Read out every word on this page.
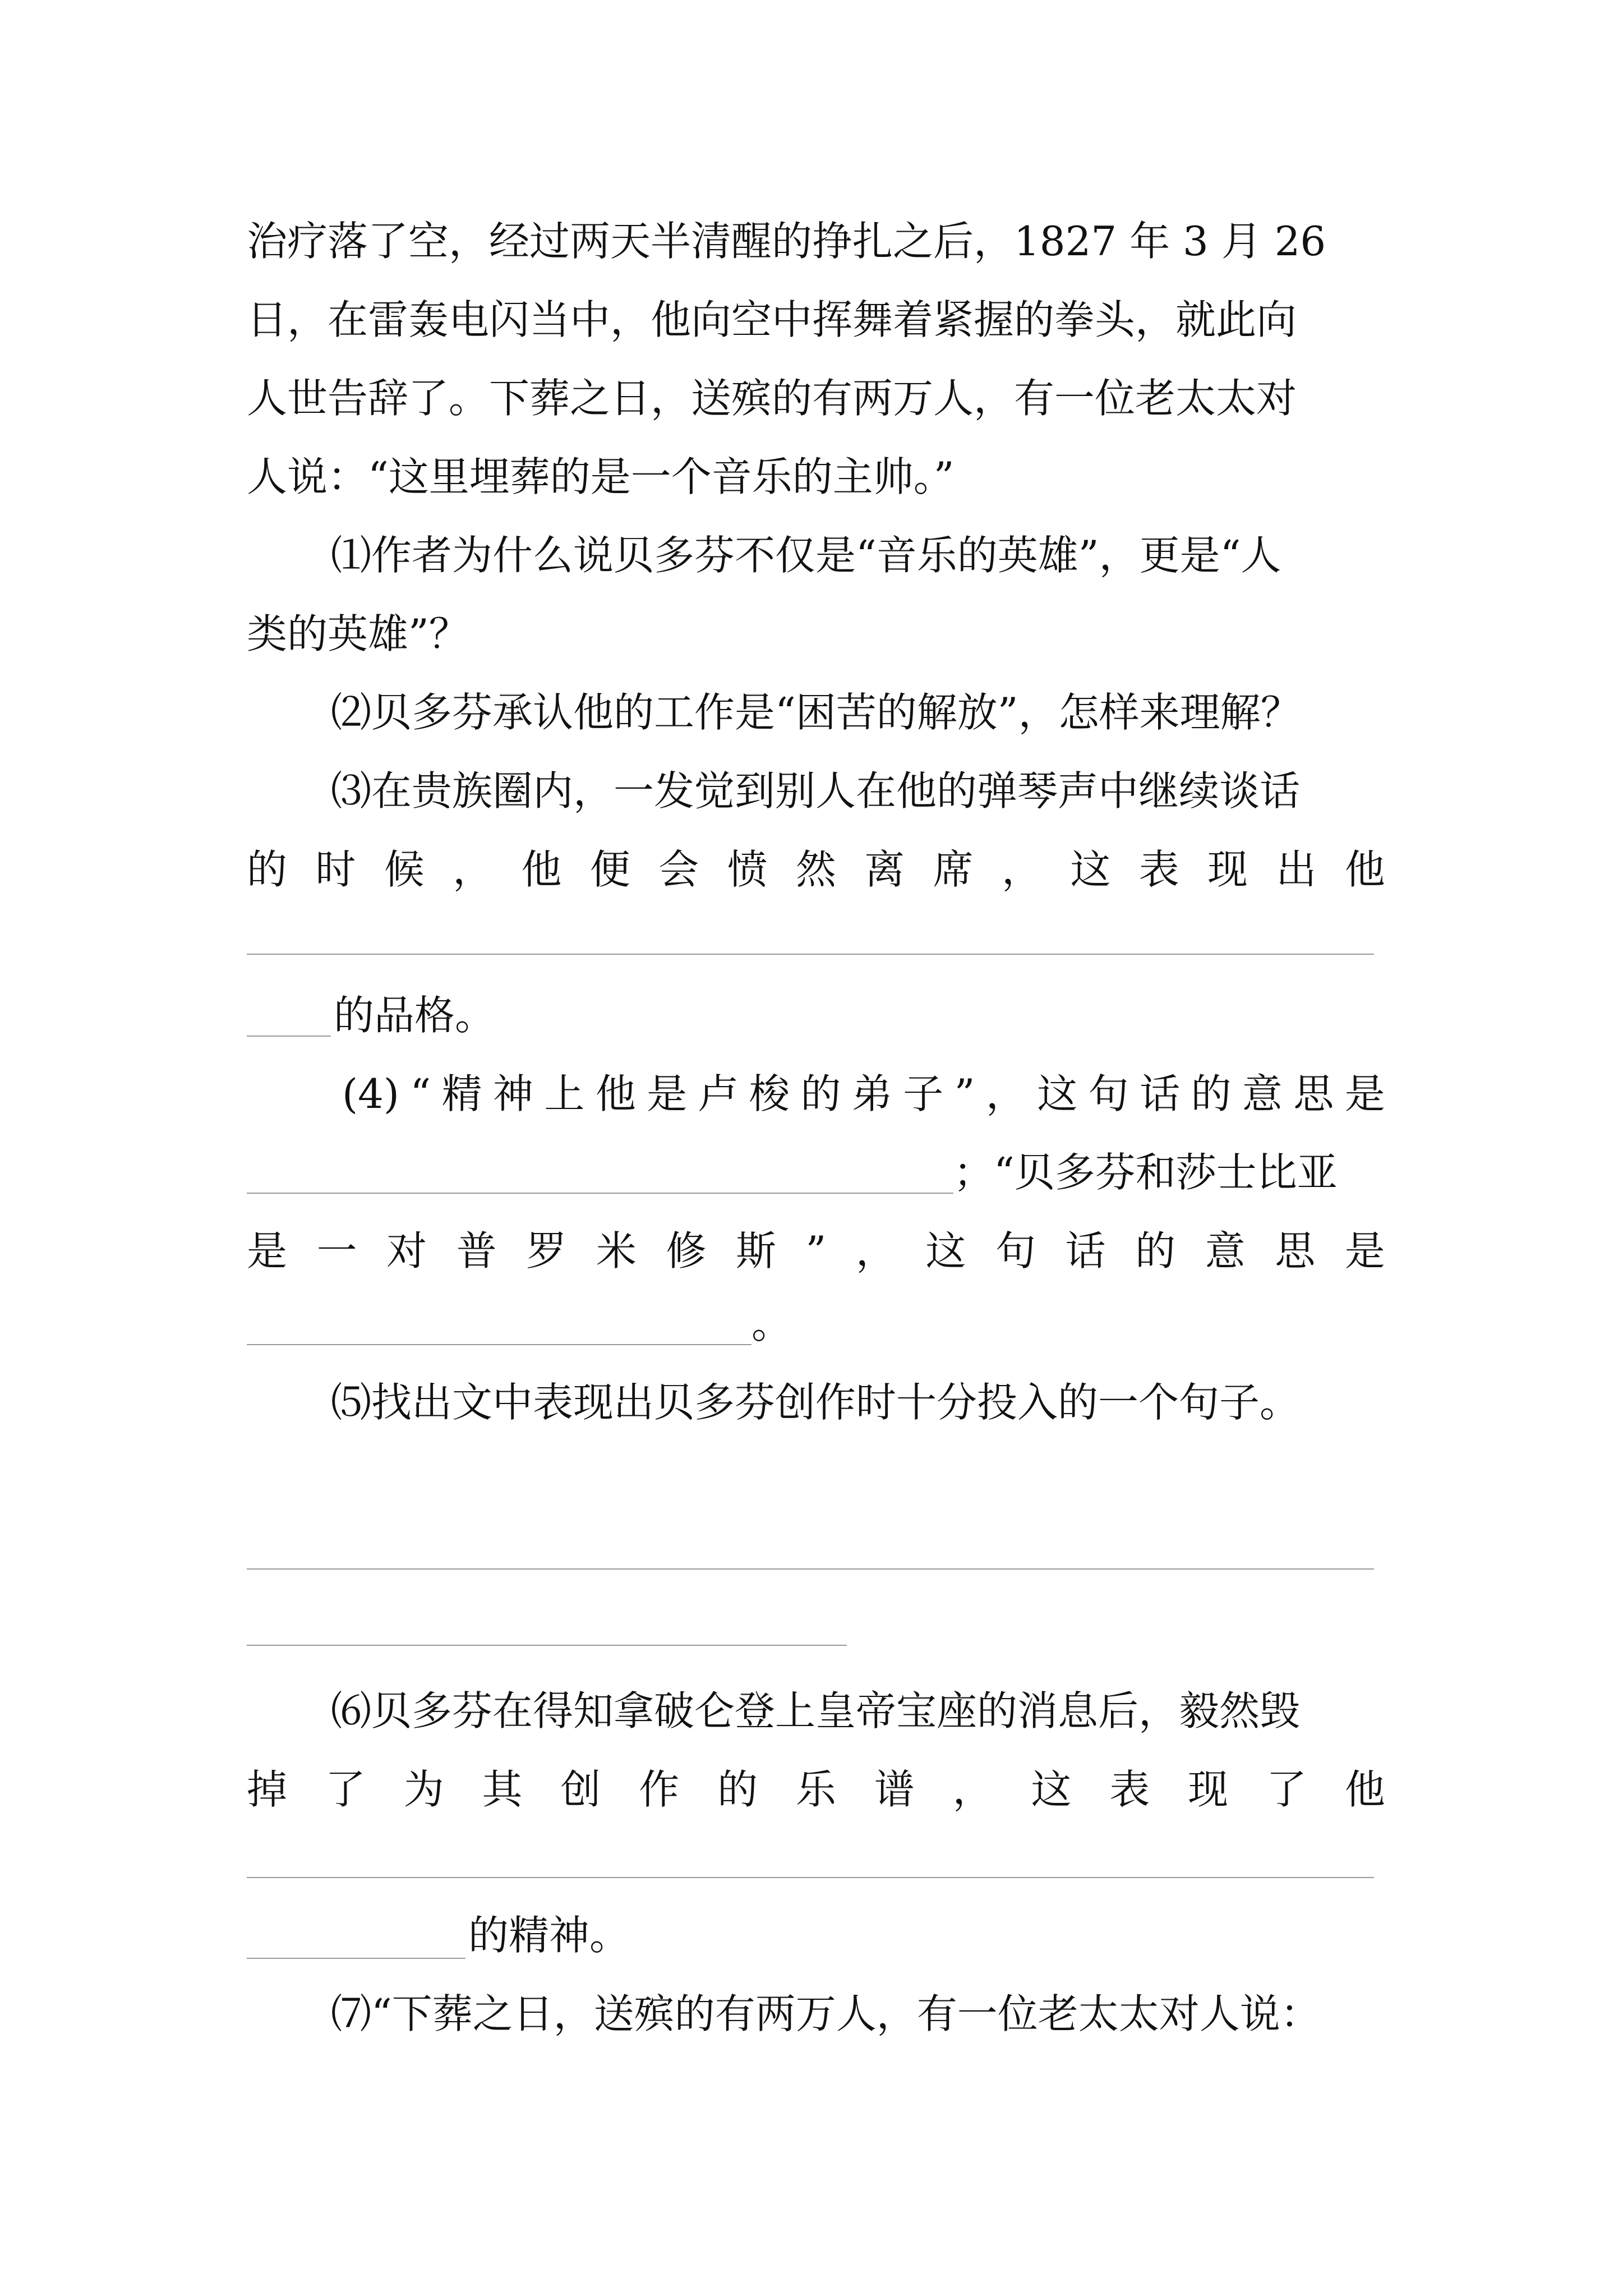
治疗落了空，经过两天半清醒的挣扎之后，1827 年 3 月 26
日，在雷轰电闪当中，他向空中挥舞着紧握的拳头，就此向
人世告辞了。下葬之日，送殡的有两万人，有一位老太太对
人说：“这里埋葬的是一个音乐的主帅。”
⑴作者为什么说贝多芬不仅是“音乐的英雄”，更是“人
类的英雄”？
⑵贝多芬承认他的工作是“困苦的解放”，怎样来理解？
⑶在贵族圈内，一发觉到别人在他的弹琴声中继续谈话
的 时 候 ， 他 便 会 愤 然 离 席 ， 这 表 现 出 他
的品格。
(4) “ 精 神 上 他 是 卢 梭 的 弟 子 ” ， 这 句 话 的 意 思 是
；“贝多芬和莎士比亚
是 一 对 普 罗 米 修 斯 ” ， 这 句 话 的 意 思 是
。
⑸找出文中表现出贝多芬创作时十分投入的一个句子。
⑹贝多芬在得知拿破仑登上皇帝宝座的消息后，毅然毁
掉 了 为 其 创 作 的 乐 谱 ， 这 表 现 了 他
的精神。
⑺“下葬之日，送殡的有两万人，有一位老太太对人说：
